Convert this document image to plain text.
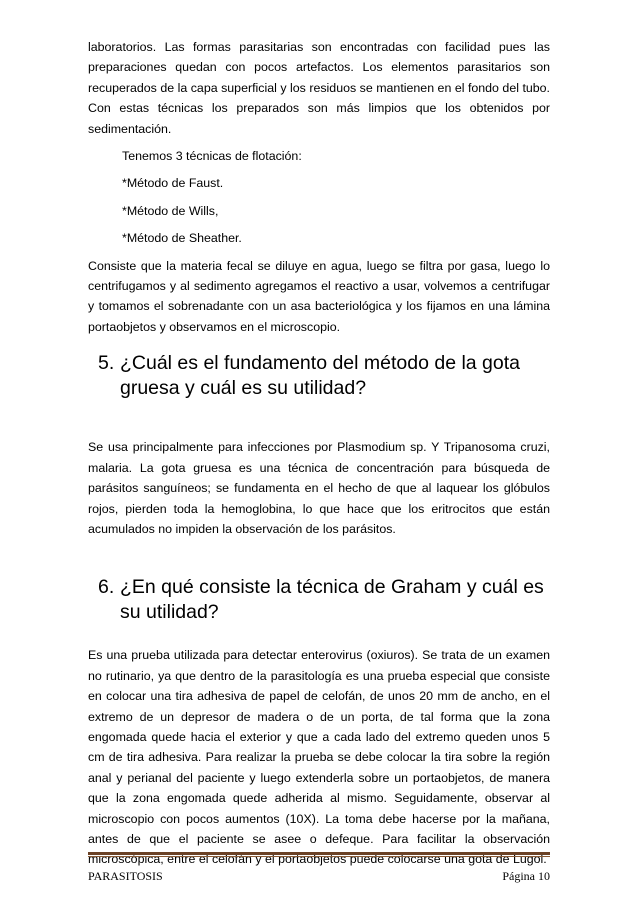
laboratorios. Las formas parasitarias son encontradas con facilidad pues las preparaciones quedan con pocos artefactos. Los elementos parasitarios son recuperados de la capa superficial y los residuos se mantienen en el fondo del tubo. Con estas técnicas los preparados son más limpios que los obtenidos por sedimentación.

Tenemos 3 técnicas de flotación:

*Método de Faust.

*Método de Wills,

*Método de Sheather.

Consiste que la materia fecal se diluye en agua, luego se filtra por gasa, luego lo centrifugamos y al sedimento agregamos el reactivo a usar, volvemos a centrifugar y tomamos el sobrenadante con un asa bacteriológica y los fijamos en una lámina portaobjetos y observamos en el microscopio.

5. ¿Cuál es el fundamento del método de la gota gruesa y cuál es su utilidad?

Se usa principalmente para infecciones por Plasmodium sp. Y Tripanosoma cruzi, malaria. La gota gruesa es una técnica de concentración para búsqueda de parásitos sanguíneos; se fundamenta en el hecho de que al laquear los glóbulos rojos, pierden toda la hemoglobina, lo que hace que los eritrocitos que están acumulados no impiden la observación de los parásitos.

6. ¿En qué consiste la técnica de Graham y cuál es su utilidad?

Es una prueba utilizada para detectar enterovirus (oxiuros). Se trata de un examen no rutinario, ya que dentro de la parasitología es una prueba especial que consiste en colocar una tira adhesiva de papel de celofán, de unos 20 mm de ancho, en el extremo de un depresor de madera o de un porta, de tal forma que la zona engomada quede hacia el exterior y que a cada lado del extremo queden unos 5 cm de tira adhesiva. Para realizar la prueba se debe colocar la tira sobre la región anal y perianal del paciente y luego extenderla sobre un portaobjetos, de manera que la zona engomada quede adherida al mismo. Seguidamente, observar al microscopio con pocos aumentos (10X). La toma debe hacerse por la mañana, antes de que el paciente se asee o defeque. Para facilitar la observación microscópica, entre el celofán y el portaobjetos puede colocarse una gota de Lugol.

PARASITOSIS	Página 10
